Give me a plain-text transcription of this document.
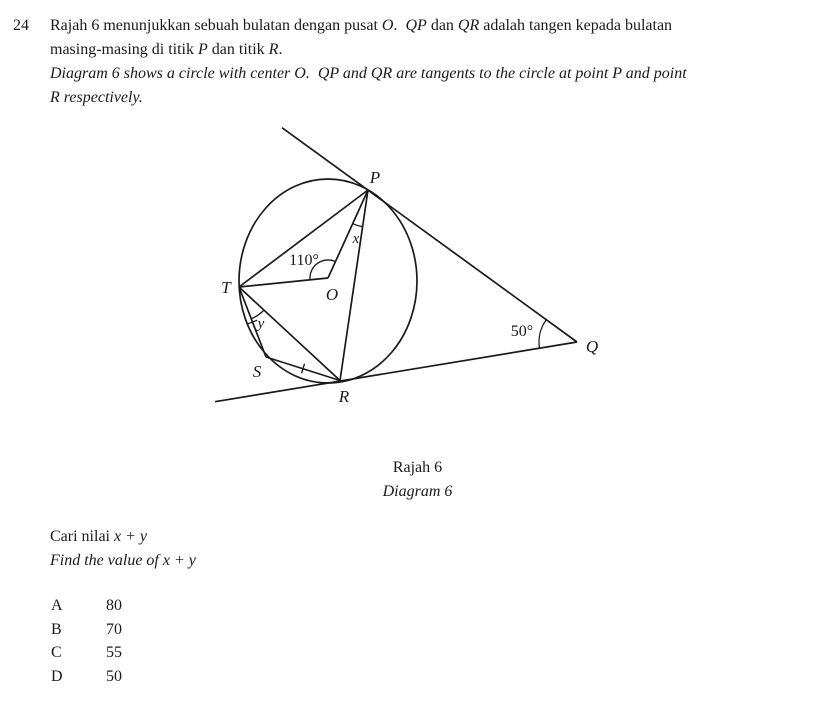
24 Rajah 6 menunjukkan sebuah bulatan dengan pusat O.  QP dan QR adalah tangen kepada bulatan
masing-masing di titik P dan titik R.
Diagram 6 shows a circle with center O.  QP and QR are tangents to the circle at point P and point
R respectively.
P
Q
R
S
T	O
110°
50°
x
y
Rajah 6
Diagram 6
Cari nilai x + y
Find the value of x + y
A	80
B	70
C	55
D	50
